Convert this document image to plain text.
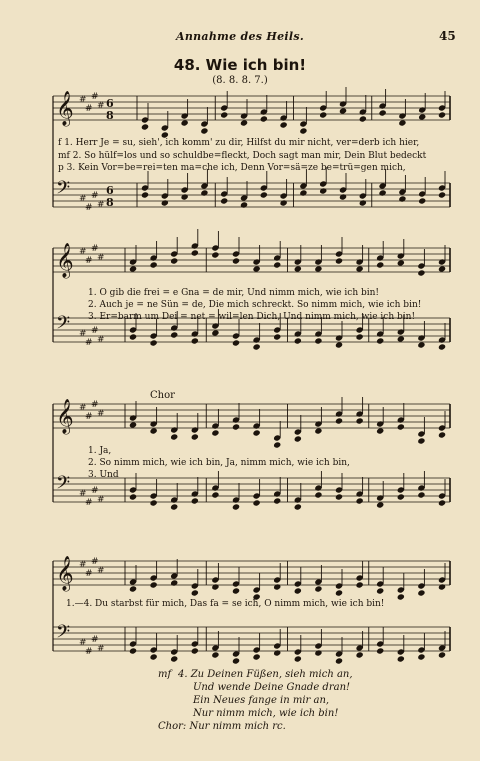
Annahme des Heils.	45
48. Wie ich bin!
(8. 8. 8. 7.)
𝄞 #
#
#
# 6
8
𝄢 #
#
#
#
6
8
𝄞 #
#
#
#
𝄢 #
#
#
#
𝄞 #
#
#
#
𝄢 #
#
#
#
𝄞 #
#
#
#
𝄢 #
#
#
#
f 1. Herr Je = su, sieh', ich komm' zu dir, Hilfst du mir nicht, ver=derb ich hier,
mf 2. So hülf=los und so schuldbe=fleckt, Doch sagt man mir, Dein Blut bedeckt
p 3. Kein Vor=be=rei=ten ma=che ich, Denn Vor=sä=ze be=trü=gen mich,
1. O gib die frei = e Gna = de mir, Und nimm mich, wie ich bin!
2. Auch je = ne Sün = de, Die mich schreckt. So nimm mich, wie ich bin!
3. Er=barm um Dei = net = wil=len Dich, Und nimm mich, wie ich bin!
Chor
1. Ja,
2. So nimm mich, wie ich bin, Ja, nimm mich, wie ich bin,
3. Und
1.—4. Du starbst für mich, Das fa = se ich, O nimm mich, wie ich bin!
mf 4. Zu Deinen Füßen, sieh mich an,
Und wende Deine Gnade dran!
Ein Neues fange in mir an,
Nur nimm mich, wie ich bin!
Chor: Nur nimm mich rc.
